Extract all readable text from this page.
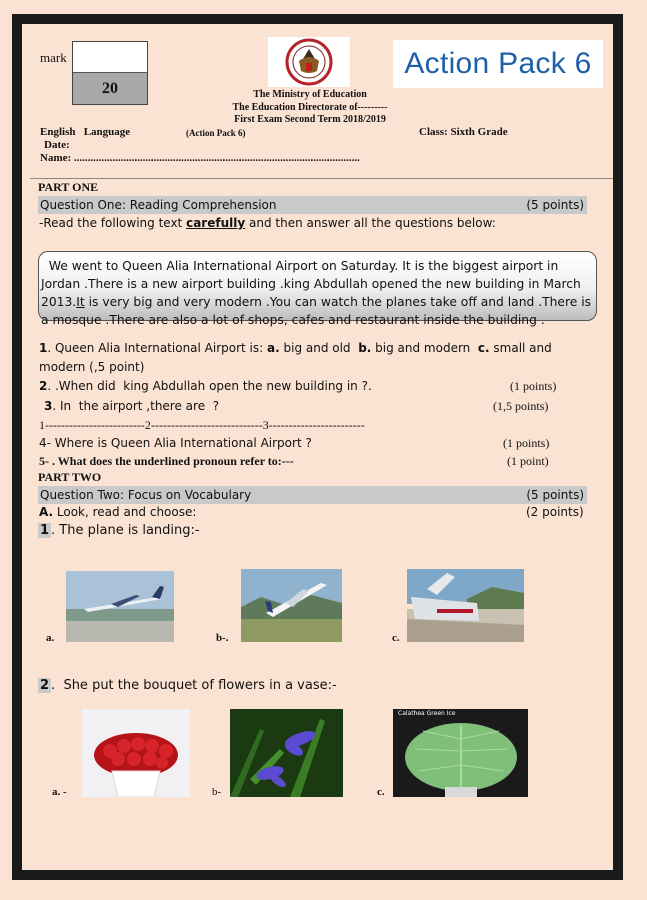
mark
20
Action Pack 6
The Ministry of Education
The Education Directorate of---------
First Exam Second Term 2018/2019
English   Language	(Action Pack 6)	Class: Sixth Grade
Date:
Name: ........................................................................................................
PART ONE
Question One: Reading Comprehension	(5 points)
-Read the following text carefully and then answer all the questions below:
We went to Queen Alia International Airport on Saturday. It is the biggest airport in
Jordan .There is a new airport building .king Abdullah opened the new building in March
2013.It is very big and very modern .You can watch the planes take off and land .There is
a mosque .There are also a lot of shops, cafes and restaurant inside the building .
1. Queen Alia International Airport is: a. big and old  b. big and modern  c. small and
modern (,5 point)
2. .When did  king Abdullah open the new building in ?.	(1 points)
3. In  the airport ,there are  ?	(1,5 points)
1-------------------------2----------------------------3------------------------
4- Where is Queen Alia International Airport ?	(1 points)
5- . What does the underlined pronoun refer to:---	(1 point)
PART TWO
Question Two: Focus on Vocabulary	(5 points)
A. Look, read and choose:	(2 points)
1 . The plane is landing:-
a.	b-.	c.
2 .  She put the bouquet of flowers in a vase:-
Calathea Green Ice
a. -	b-	c.
